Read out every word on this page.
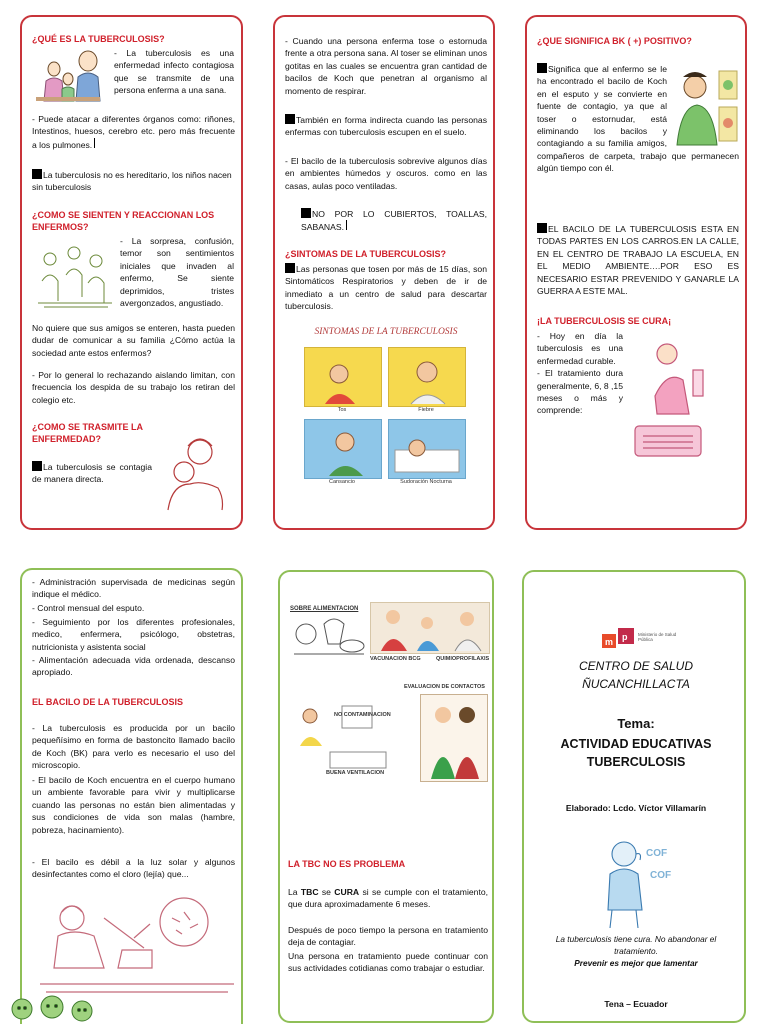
¿QUÉ ES LA TUBERCULOSIS?

- La tuberculosis es una enfermedad infecto contagiosa que se transmite de una persona enferma a una sana.

- Puede atacar a diferentes órganos como: riñones, Intestinos, huesos, cerebro etc. pero más frecuente a los pulmones.

La tuberculosis no es hereditario, los niños nacen sin tuberculosis

¿COMO SE SIENTEN Y REACCIONAN LOS ENFERMOS?

- La sorpresa, confusión, temor son sentimientos iniciales que invaden al enfermo, Se siente deprimidos, tristes avergonzados, angustiado.

No quiere que sus amigos se enteren, hasta pueden dudar de comunicar a su familia ¿Cómo actúa la sociedad ante estos enfermos?

- Por lo general lo rechazando aislando limitan, con frecuencia los despida de su trabajo los retiran del colegio etc.

¿COMO SE TRASMITE LA ENFERMEDAD?

La tuberculosis se contagia de manera directa.

- Cuando una persona enferma tose o estornuda frente a otra persona sana. Al toser se eliminan unos gotitas en las cuales se encuentra gran cantidad de bacilos de Koch que penetran al organismo al momento de respirar.

También en forma indirecta cuando las personas enfermas con tuberculosis escupen en el suelo.

- El bacilo de la tuberculosis sobrevive algunos días en ambientes húmedos y oscuros. como en las casas, aulas poco ventiladas.

NO POR LO CUBIERTOS, TOALLAS, SABANAS.

¿SINTOMAS DE LA TUBERCULOSIS?

Las personas que tosen por más de 15 días, son Sintomáticos Respiratorios y deben de ir de inmediato a un centro de salud para descartar tuberculosis.

SINTOMAS DE LA TUBERCULOSIS
Tos	Fiebre
Cansancio	Sudoración Nocturna

¿QUE SIGNIFICA BK ( +) POSITIVO?

Significa que al enfermo se le ha encontrado el bacilo de Koch en el esputo y se convierte en fuente de contagio, ya que al toser o estornudar, está eliminando los bacilos y contagiando a su familia amigos, compañeros de carpeta, trabajo que permanecen algún tiempo con él.

EL BACILO DE LA TUBERCULOSIS ESTA EN TODAS PARTES EN LOS CARROS.EN LA CALLE, EN EL CENTRO DE TRABAJO LA ESCUELA, EN EL MEDIO AMBIENTE….POR ESO ES NECESARIO ESTAR PREVENIDO Y GANARLE LA GUERRA A ESTE MAL.

¡LA TUBERCULOSIS SE CURA¡

- Hoy en día la tuberculosis es una enfermedad curable.
- El tratamiento dura generalmente, 6, 8 ,15 meses o más y comprende:

- Administración supervisada de medicinas según indique el médico.

- Control mensual del esputo.

- Seguimiento por los diferentes profesionales, medico, enfermera, psicólogo, obstetras, nutricionista y asistenta social

- Alimentación adecuada vida ordenada, descanso apropiado.

EL BACILO DE LA TUBERCULOSIS

- La tuberculosis es producida por un bacilo pequeñísimo en forma de bastoncito llamado bacilo de Koch (BK) para verlo es necesario el uso del microscopio.

- El bacilo de Koch encuentra en el cuerpo humano un ambiente favorable para vivir y multiplicarse cuando las personas no están bien alimentadas y sus condiciones de vida son malas (hambre, pobreza, hacinamiento).

- El bacilo es débil a la luz solar y algunos desinfectantes como el cloro (lejía) que...

SOBRE ALIMENTACION
VACUNACION BCG	QUIMIOPROFILAXIS
EVALUACION DE CONTACTOS
NO CONTAMINACION
BUENA VENTILACION

LA TBC NO ES PROBLEMA

La TBC se CURA si se cumple con el tratamiento, que dura aproximadamente 6 meses.

Después de poco tiempo la persona en tratamiento deja de contagiar.

Una persona en tratamiento puede continuar con sus actividades cotidianas como trabajar o estudiar.

m p Ministerio de Salud Pública

CENTRO DE SALUD

ÑUCANCHILLACTA

Tema:

ACTIVIDAD EDUCATIVAS

TUBERCULOSIS

Elaborado: Lcdo. Víctor Villamarín

COF
COF

La tuberculosis tiene cura. No abandonar el tratamiento.

Prevenir es mejor que lamentar

Tena – Ecuador
